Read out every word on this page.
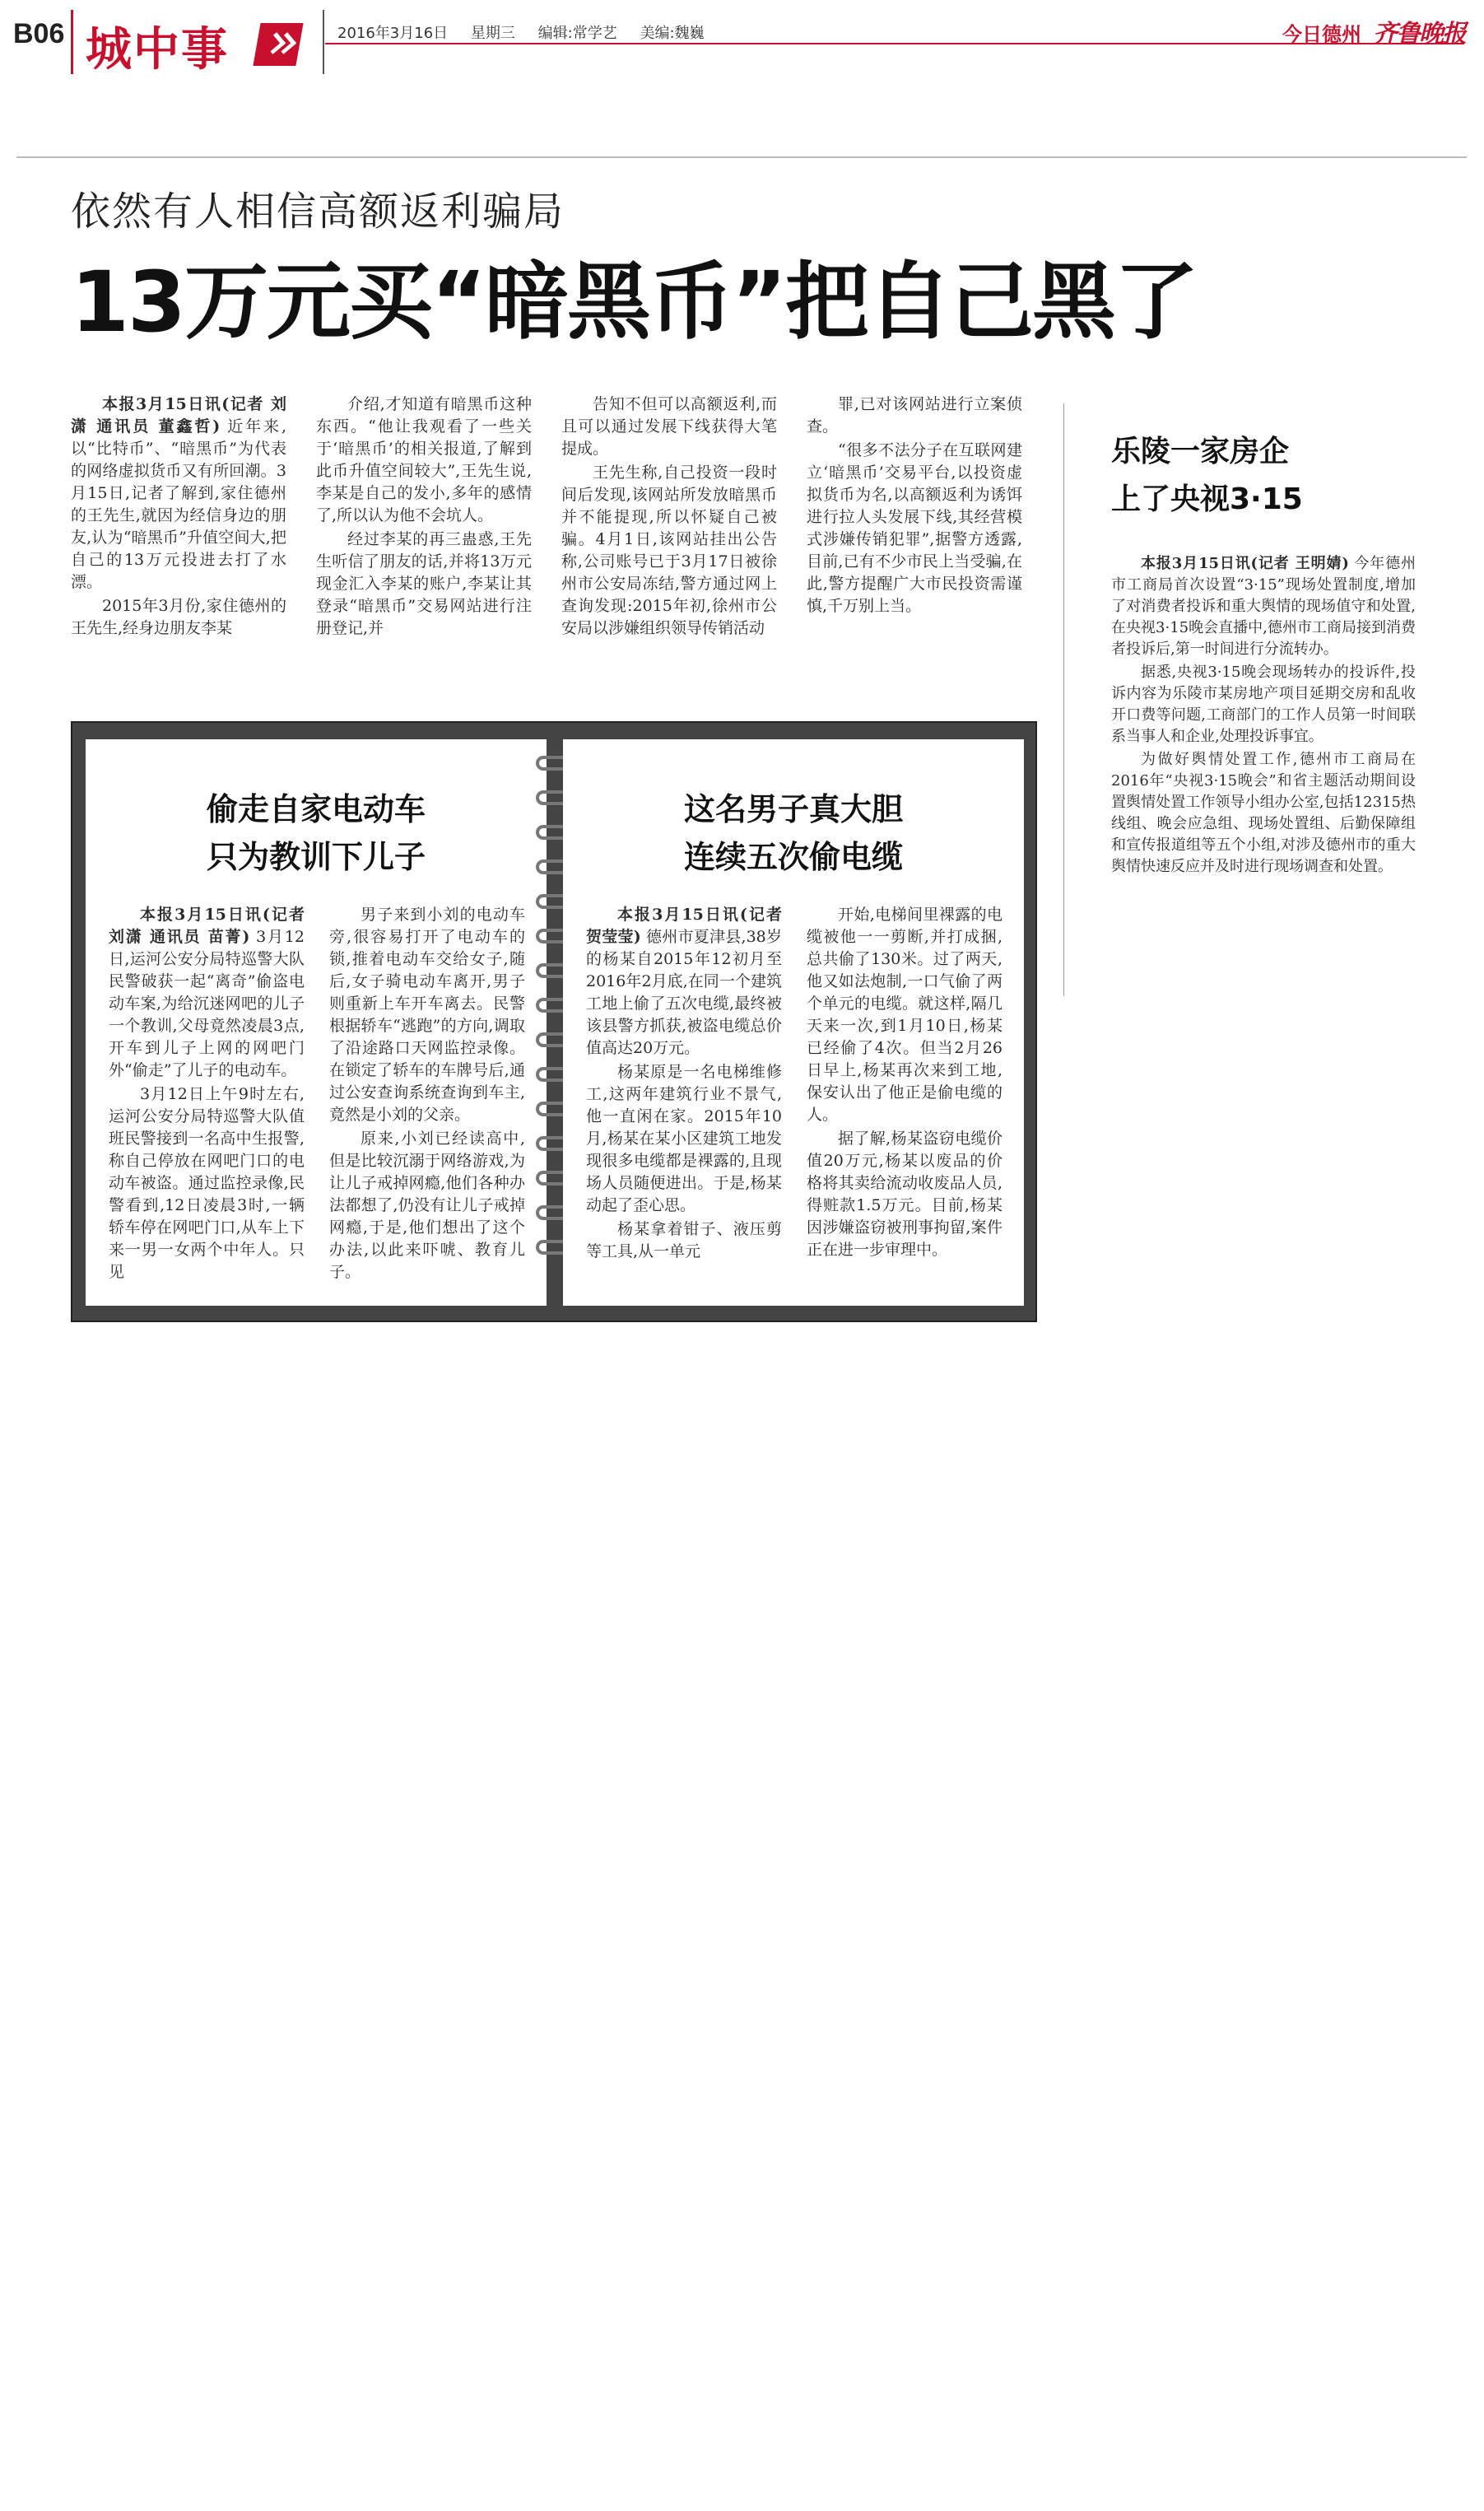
B06 城中事	2016年3月16日 星期三 编辑:常学艺 美编:魏巍	今日德州 齐鲁晚报
依然有人相信高额返利骗局
13万元买“暗黑币”把自己黑了

本报3月15日讯(记者 刘潇 通讯员 董鑫哲) 近年来,以“比特币”、“暗黑币”为代表的网络虚拟货币又有所回潮。3月15日,记者了解到,家住德州的王先生,就因为经信身边的朋友,认为“暗黑币”升值空间大,把自己的13万元投进去打了水漂。

2015年3月份,家住德州的王先生,经身边朋友李某

介绍,才知道有暗黑币这种东西。“他让我观看了一些关于‘暗黑币’的相关报道,了解到此币升值空间较大”,王先生说,李某是自己的发小,多年的感情了,所以认为他不会坑人。

经过李某的再三蛊惑,王先生听信了朋友的话,并将13万元现金汇入李某的账户,李某让其登录“暗黑币”交易网站进行注册登记,并

告知不但可以高额返利,而且可以通过发展下线获得大笔提成。

王先生称,自己投资一段时间后发现,该网站所发放暗黑币并不能提现,所以怀疑自己被骗。4月1日,该网站挂出公告称,公司账号已于3月17日被徐州市公安局冻结,警方通过网上查询发现:2015年初,徐州市公安局以涉嫌组织领导传销活动

罪,已对该网站进行立案侦查。

“很多不法分子在互联网建立‘暗黑币’交易平台,以投资虚拟货币为名,以高额返利为诱饵进行拉人头发展下线,其经营模式涉嫌传销犯罪”,据警方透露,目前,已有不少市民上当受骗,在此,警方提醒广大市民投资需谨慎,千万别上当。

乐陵一家房企
上了央视3·15

本报3月15日讯(记者 王明婧) 今年德州市工商局首次设置“3·15”现场处置制度,增加了对消费者投诉和重大舆情的现场值守和处置,在央视3·15晚会直播中,德州市工商局接到消费者投诉后,第一时间进行分流转办。

据悉,央视3·15晚会现场转办的投诉件,投诉内容为乐陵市某房地产项目延期交房和乱收开口费等问题,工商部门的工作人员第一时间联系当事人和企业,处理投诉事宜。

为做好舆情处置工作,德州市工商局在2016年“央视3·15晚会”和省主题活动期间设置舆情处置工作领导小组办公室,包括12315热线组、晚会应急组、现场处置组、后勤保障组和宣传报道组等五个小组,对涉及德州市的重大舆情快速反应并及时进行现场调查和处置。

偷走自家电动车
只为教训下儿子

本报3月15日讯(记者 刘潇 通讯员 苗菁) 3月12日,运河公安分局特巡警大队民警破获一起“离奇”偷盗电动车案,为给沉迷网吧的儿子一个教训,父母竟然凌晨3点,开车到儿子上网的网吧门外“偷走”了儿子的电动车。

3月12日上午9时左右,运河公安分局特巡警大队值班民警接到一名高中生报警,称自己停放在网吧门口的电动车被盗。通过监控录像,民警看到,12日凌晨3时,一辆轿车停在网吧门口,从车上下来一男一女两个中年人。只见

男子来到小刘的电动车旁,很容易打开了电动车的锁,推着电动车交给女子,随后,女子骑电动车离开,男子则重新上车开车离去。民警根据轿车“逃跑”的方向,调取了沿途路口天网监控录像。在锁定了轿车的车牌号后,通过公安查询系统查询到车主,竟然是小刘的父亲。

原来,小刘已经读高中,但是比较沉溺于网络游戏,为让儿子戒掉网瘾,他们各种办法都想了,仍没有让儿子戒掉网瘾,于是,他们想出了这个办法,以此来吓唬、教育儿子。

这名男子真大胆
连续五次偷电缆

本报3月15日讯(记者 贺莹莹) 德州市夏津县,38岁的杨某自2015年12初月至2016年2月底,在同一个建筑工地上偷了五次电缆,最终被该县警方抓获,被盗电缆总价值高达20万元。

杨某原是一名电梯维修工,这两年建筑行业不景气,他一直闲在家。2015年10月,杨某在某小区建筑工地发现很多电缆都是裸露的,且现场人员随便进出。于是,杨某动起了歪心思。

杨某拿着钳子、液压剪等工具,从一单元

开始,电梯间里裸露的电缆被他一一剪断,并打成捆,总共偷了130米。过了两天,他又如法炮制,一口气偷了两个单元的电缆。就这样,隔几天来一次,到1月10日,杨某已经偷了4次。但当2月26日早上,杨某再次来到工地,保安认出了他正是偷电缆的人。

据了解,杨某盗窃电缆价值20万元,杨某以废品的价格将其卖给流动收废品人员,得赃款1.5万元。目前,杨某因涉嫌盗窃被刑事拘留,案件正在进一步审理中。
